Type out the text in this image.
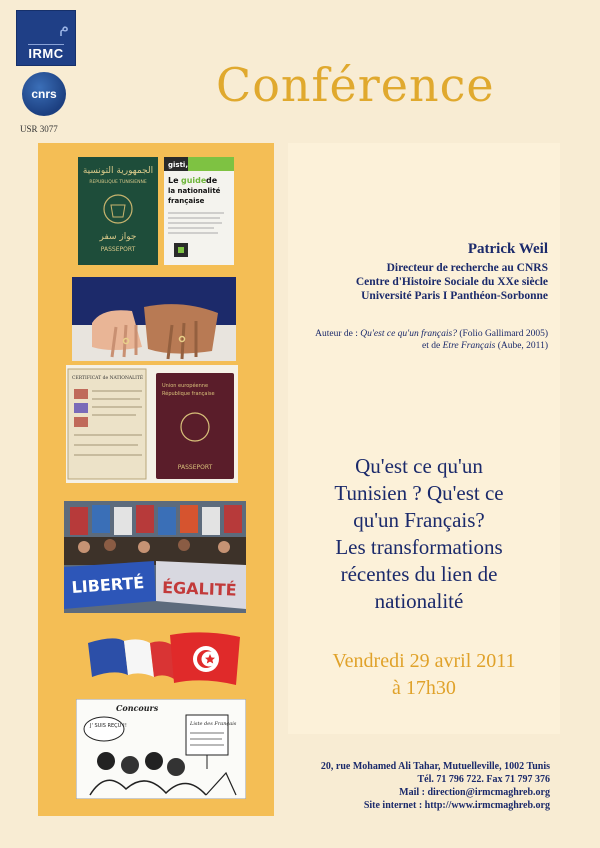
م
IRMC
cnrs
USR 3077
Conférence
الجمهورية التونسية
REPUBLIQUE TUNISIENNE
جواز سفر
PASSEPORT
gisti,
Le guide de
la nationalité
française
CERTIFICAT de NATIONALITÉ
Union européenne
République française
PASSEPORT
LIBERTÉ ÉGALITÉ
Concours
J' SUIS REÇU !!	Liste des Français
Patrick Weil
Directeur de recherche au CNRS
Centre d'Histoire Sociale du XXe siècle
Université Paris I Panthéon-Sorbonne
Auteur de : Qu'est ce qu'un français? (Folio Gallimard 2005)
et de Etre Français (Aube, 2011)
Qu'est ce qu'un
Tunisien ? Qu'est ce
qu'un Français?
Les transformations
récentes du lien de
nationalité
Vendredi 29 avril 2011
à 17h30
20, rue Mohamed Ali Tahar, Mutuelleville, 1002 Tunis
Tél. 71 796 722. Fax 71 797 376
Mail : direction@irmcmaghreb.org
Site internet : http://www.irmcmaghreb.org
